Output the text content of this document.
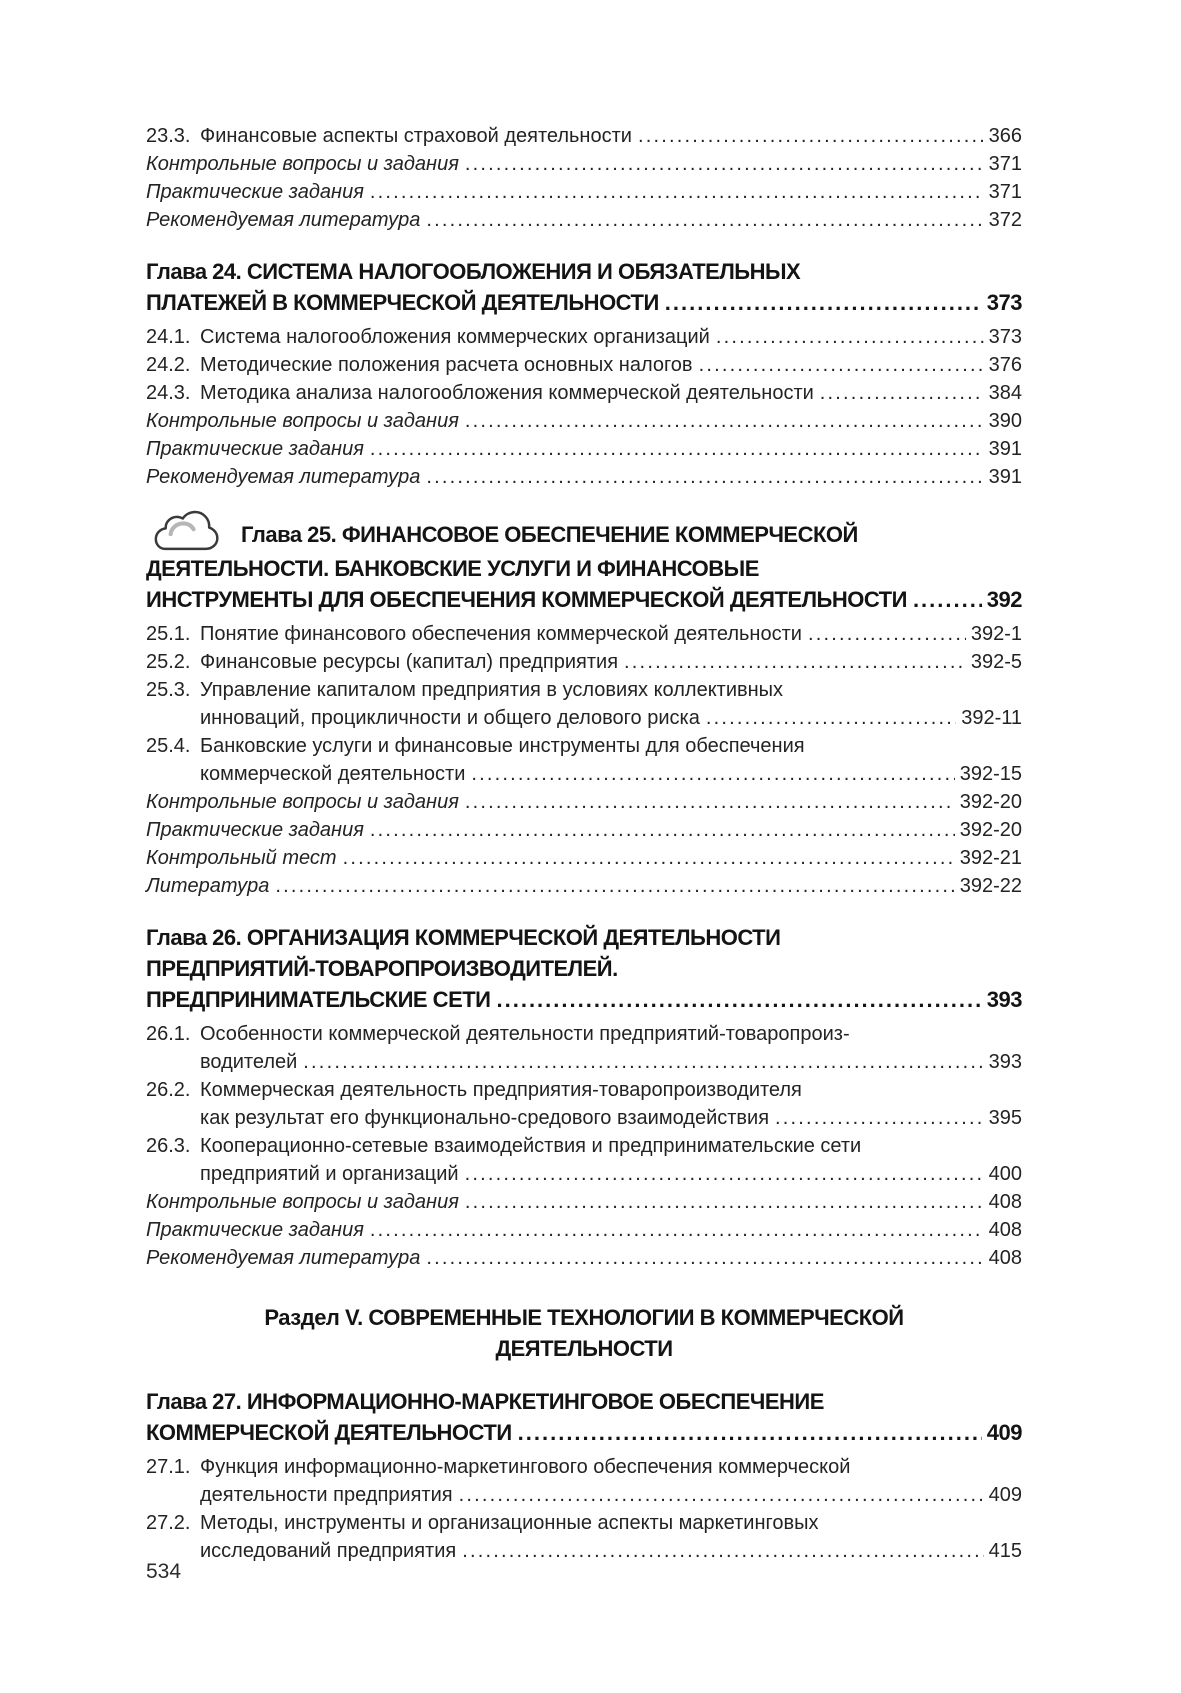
23.3. Финансовые аспекты страховой деятельности .....	366
Контрольные вопросы и задания .....	371
Практические задания .....	371
Рекомендуемая литература .....	372
Глава 24. СИСТЕМА НАЛОГООБЛОЖЕНИЯ И ОБЯЗАТЕЛЬНЫХ
ПЛАТЕЖЕЙ В КОММЕРЧЕСКОЙ ДЕЯТЕЛЬНОСТИ .....	373
24.1. Система налогообложения коммерческих организаций .....	373
24.2. Методические положения расчета основных налогов .....	376
24.3. Методика анализа налогообложения коммерческой деятельности .....	384
Контрольные вопросы и задания .....	390
Практические задания .....	391
Рекомендуемая литература .....	391
Глава 25. ФИНАНСОВОЕ ОБЕСПЕЧЕНИЕ КОММЕРЧЕСКОЙ
ДЕЯТЕЛЬНОСТИ. БАНКОВСКИЕ УСЛУГИ И ФИНАНСОВЫЕ
ИНСТРУМЕНТЫ ДЛЯ ОБЕСПЕЧЕНИЯ КОММЕРЧЕСКОЙ ДЕЯТЕЛЬНОСТИ .....	392
25.1. Понятие финансового обеспечения коммерческой деятельности .....	392-1
25.2. Финансовые ресурсы (капитал) предприятия .....	392-5
25.3. Управление капиталом предприятия в условиях коллективных
инноваций, процикличности и общего делового риска .....	392-11
25.4. Банковские услуги и финансовые инструменты для обеспечения
коммерческой деятельности .....	392-15
Контрольные вопросы и задания .....	392-20
Практические задания .....	392-20
Контрольный тест .....	392-21
Литература .....	392-22
Глава 26. ОРГАНИЗАЦИЯ КОММЕРЧЕСКОЙ ДЕЯТЕЛЬНОСТИ
ПРЕДПРИЯТИЙ-ТОВАРОПРОИЗВОДИТЕЛЕЙ.
ПРЕДПРИНИМАТЕЛЬСКИЕ СЕТИ .....	393
26.1. Особенности коммерческой деятельности предприятий-товаропроиз-
водителей .....	393
26.2. Коммерческая деятельность предприятия-товаропроизводителя
как результат его функционально-средового взаимодействия .....	395
26.3. Кооперационно-сетевые взаимодействия и предпринимательские сети
предприятий и организаций .....	400
Контрольные вопросы и задания .....	408
Практические задания .....	408
Рекомендуемая литература .....	408
Раздел V. СОВРЕМЕННЫЕ ТЕХНОЛОГИИ В КОММЕРЧЕСКОЙ
ДЕЯТЕЛЬНОСТИ
Глава 27. ИНФОРМАЦИОННО-МАРКЕТИНГОВОЕ ОБЕСПЕЧЕНИЕ
КОММЕРЧЕСКОЙ ДЕЯТЕЛЬНОСТИ .....	409
27.1. Функция информационно-маркетингового обеспечения коммерческой
деятельности предприятия .....	409
27.2. Методы, инструменты и организационные аспекты маркетинговых
исследований предприятия .....	415
534
